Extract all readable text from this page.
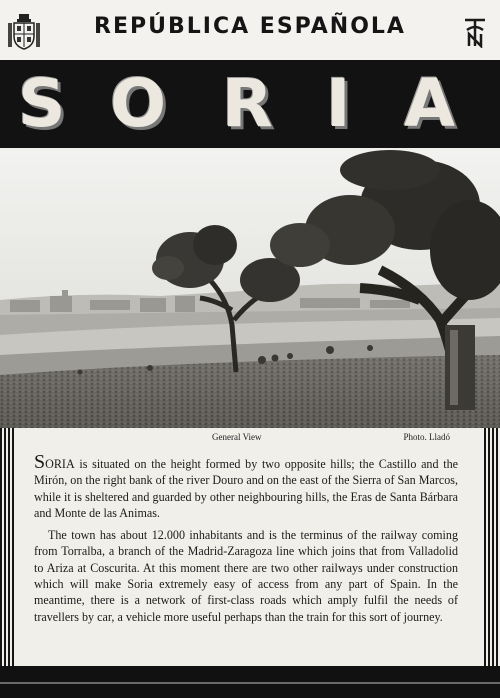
REPÚBLICA ESPAÑOLA
S O R I A
General View	Photo. Lladó

SORIA is situated on the height formed by two opposite hills; the Castillo and the Mirón, on the right bank of the river Douro and on the east of the Sierra of San Marcos, while it is sheltered and guarded by other neighbouring hills, the Eras de Santa Bárbara and Monte de las Animas.

The town has about 12.000 inhabitants and is the terminus of the railway coming from Torralba, a branch of the Madrid-Zaragoza line which joins that from Valladolid to Ariza at Coscurita. At this moment there are two other railways under construction which will make Soria extremely easy of access from any part of Spain. In the meantime, there is a network of first-class roads which amply fulfil the needs of travellers by car, a vehicle more useful perhaps than the train for this sort of journey.
